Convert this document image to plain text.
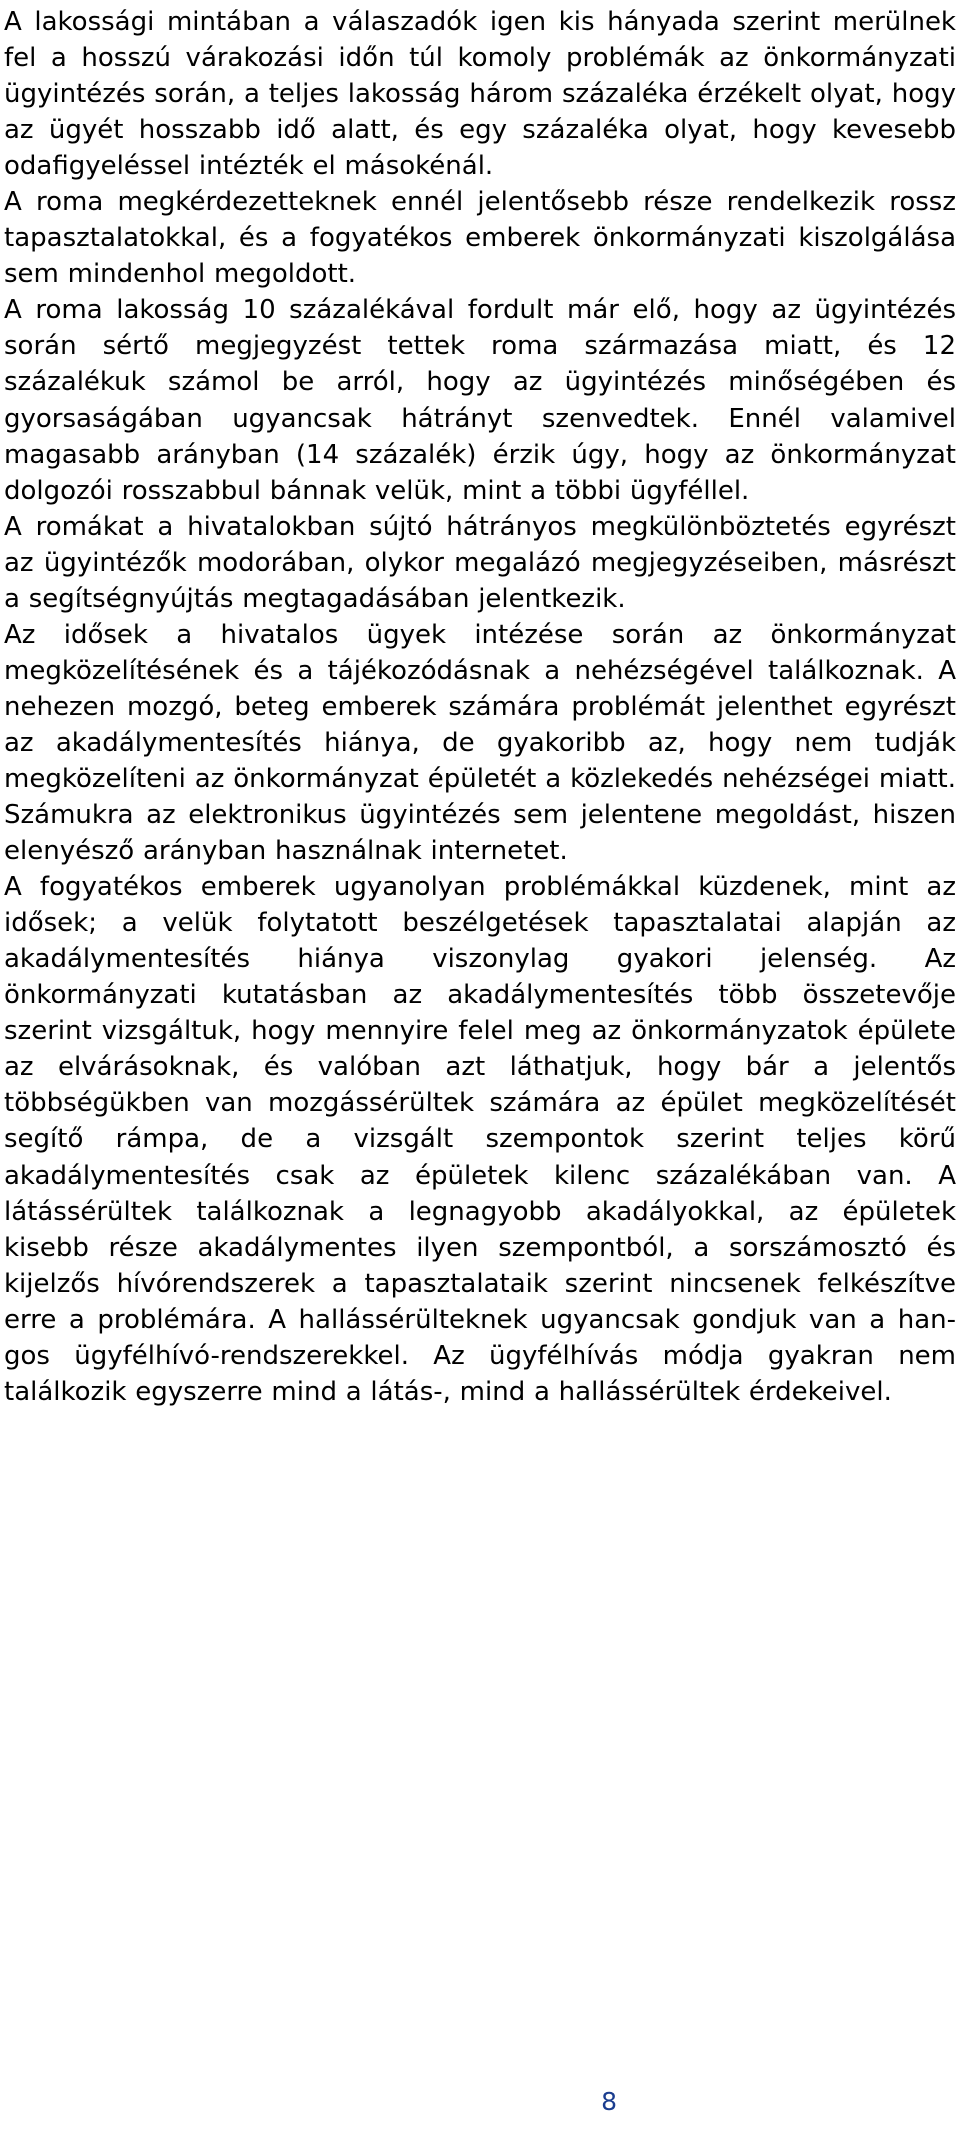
A lakossági mintában a válaszadók igen kis hányada szerint merülnek fel a hosszú várakozási időn túl komoly problémák az önkormányzati ügyintézés során, a teljes lakosság három százaléka érzékelt olyat, hogy az ügyét hosszabb idő alatt, és egy százaléka olyat, hogy kevesebb odafigyeléssel intézték el másokénál.

A roma megkérdezetteknek ennél jelentősebb része rendelkezik rossz tapasztalatokkal, és a fogyatékos emberek önkormányzati kiszolgálása sem mindenhol megoldott.

A roma lakosság 10 százalékával fordult már elő, hogy az ügyintézés során sértő megjegyzést tettek roma származása miatt, és 12 százalékuk számol be arról, hogy az ügyintézés minőségében és gyorsaságában ugyancsak hátrányt szenvedtek. Ennél valamivel magasabb arányban (14 százalék) érzik úgy, hogy az önkormányzat dolgozói rosszabbul bánnak velük, mint a többi ügyféllel.

A romákat a hivatalokban sújtó hátrányos megkülönböztetés egyrészt az ügyintézők modorában, olykor megalázó megjegyzéseiben, másrészt a segítségnyújtás megtagadásában jelentkezik.

Az idősek a hivatalos ügyek intézése során az önkormányzat megközelítésének és a tájékozódásnak a nehézségével találkoznak. A nehezen mozgó, beteg emberek számára problémát jelenthet egyrészt az akadálymentesítés hiánya, de gyakoribb az, hogy nem tudják megközelíteni az önkormányzat épületét a közlekedés nehézségei miatt. Számukra az elektronikus ügyintézés sem jelentene megoldást, hiszen elenyésző arányban használnak internetet.

A fogyatékos emberek ugyanolyan problémákkal küzdenek, mint az idősek; a velük folytatott beszélgetések tapasztalatai alapján az akadálymentesítés hiánya viszonylag gyakori jelenség. Az önkormányzati kutatásban az akadálymentesítés több összetevője szerint vizsgáltuk, hogy mennyire felel meg az önkormányzatok épülete az elvárásoknak, és valóban azt láthatjuk, hogy bár a jelentős többségükben van mozgássérültek számára az épület megközelítését segítő rámpa, de a vizsgált szempontok szerint teljes körű akadálymentesítés csak az épületek kilenc százalékában van. A látássérültek találkoznak a legnagyobb akadályokkal, az épületek kisebb része akadálymentes ilyen szempontból, a sorszámosztó és kijelzős hívórendszerek a tapasztalataik szerint nincsenek felkészítve erre a problémára. A hallássérülteknek ugyancsak gondjuk van a hangos ügyfélhívó-rendszerekkel. Az ügyfélhívás módja gyakran nem találkozik egyszerre mind a látás-, mind a hallássérültek érdekeivel.

8
